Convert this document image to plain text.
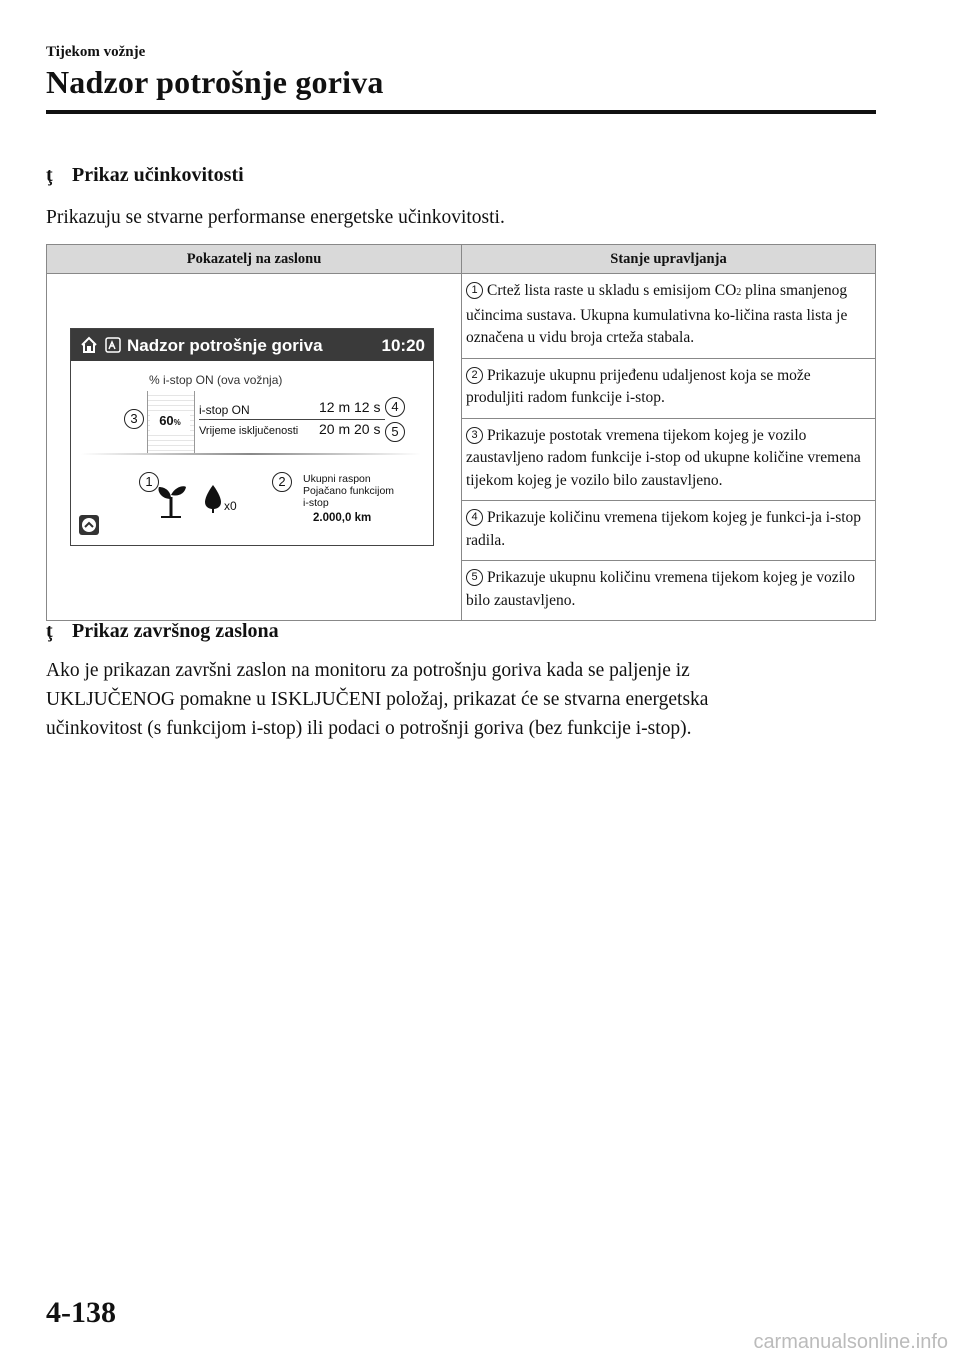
Tijekom vožnje
Nadzor potrošnje goriva
ţ Prikaz učinkovitosti
Prikazuju se stvarne performanse energetske učinkovitosti.
Pokazatelj na zaslonu	Stanje upravljanja
	1 Crtež lista raste u skladu s emisijom CO2 plina smanjenog učincima sustava. Ukupna kumulativna ko-ličina rasta lista je označena u vidu broja crteža stabala.
	2 Prikazuje ukupnu prijeđenu udaljenost koja se može produljiti radom funkcije i-stop.
	3 Prikazuje postotak vremena tijekom kojeg je vozilo zaustavljeno radom funkcije i-stop od ukupne količine vremena tijekom kojeg je vozilo bilo zaustavljeno.
	4 Prikazuje količinu vremena tijekom kojeg je funkci-ja i-stop radila.
	5 Prikazuje ukupnu količinu vremena tijekom kojeg je vozilo bilo zaustavljeno.
Nadzor potrošnje goriva	10:20
% i-stop ON (ova vožnja)
60%
i-stop ON	12 m 12 s
Vrijeme isključenosti 20 m 20 s
x0
Ukupni raspon
Pojačano funkcijom
i-stop
2.000,0 km
1	2
3
4
5
ţ Prikaz završnog zaslona
Ako je prikazan završni zaslon na monitoru za potrošnju goriva kada se paljenje iz UKLJUČENOG pomakne u ISKLJUČENI položaj, prikazat će se stvarna energetska učinkovitost (s funkcijom i-stop) ili podaci o potrošnji goriva (bez funkcije i-stop).
4-138
carmanualsonline.info
